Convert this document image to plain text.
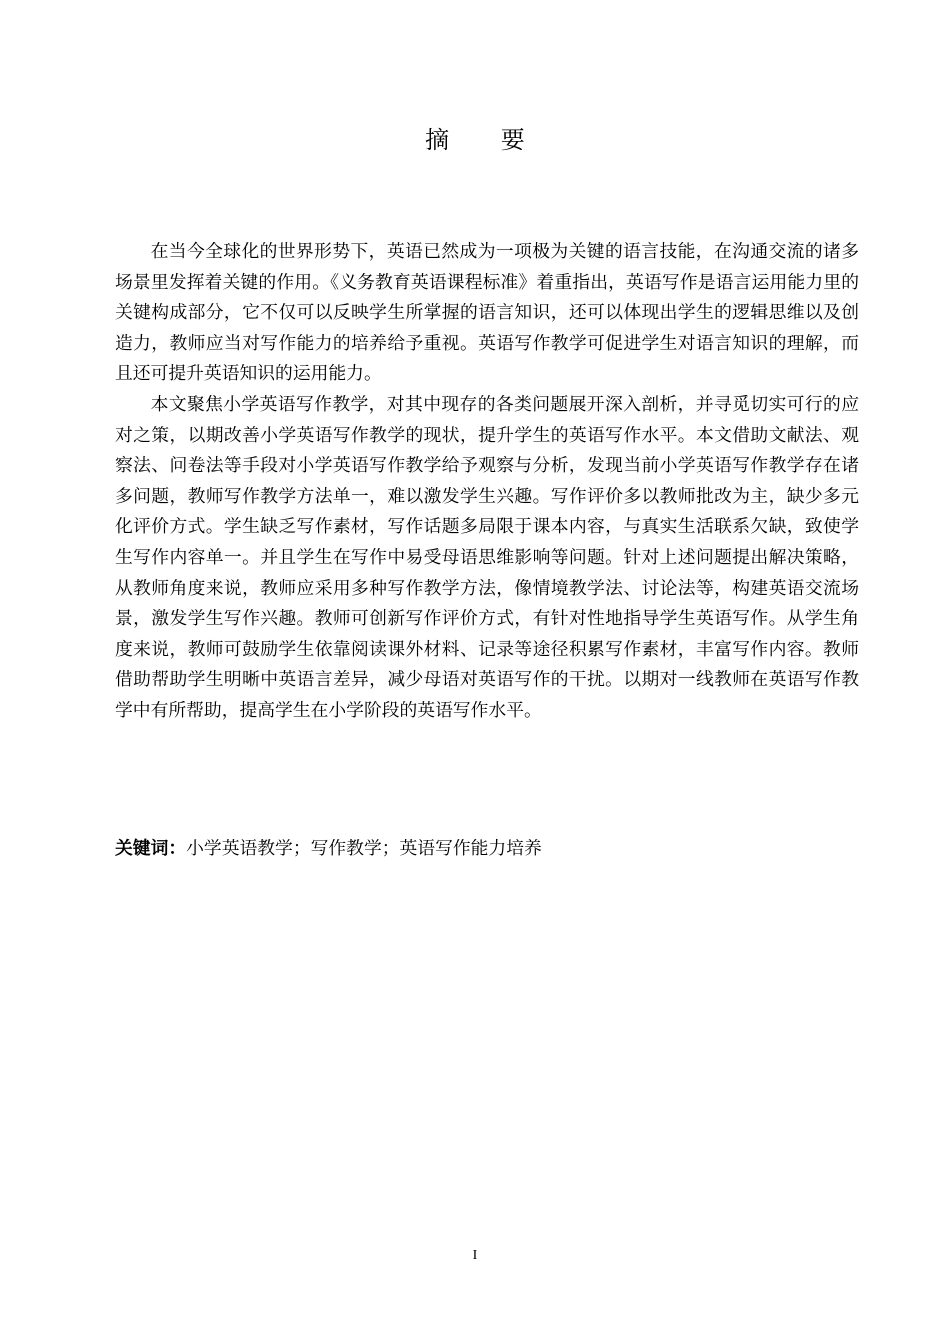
摘 要

在当今全球化的世界形势下，英语已然成为一项极为关键的语言技能，在沟通交流的诸多场景里发挥着关键的作用。《义务教育英语课程标准》着重指出，英语写作是语言运用能力里的关键构成部分，它不仅可以反映学生所掌握的语言知识，还可以体现出学生的逻辑思维以及创造力，教师应当对写作能力的培养给予重视。英语写作教学可促进学生对语言知识的理解，而且还可提升英语知识的运用能力。

本文聚焦小学英语写作教学，对其中现存的各类问题展开深入剖析，并寻觅切实可行的应对之策，以期改善小学英语写作教学的现状，提升学生的英语写作水平。本文借助文献法、观察法、问卷法等手段对小学英语写作教学给予观察与分析，发现当前小学英语写作教学存在诸多问题，教师写作教学方法单一，难以激发学生兴趣。写作评价多以教师批改为主，缺少多元化评价方式。学生缺乏写作素材，写作话题多局限于课本内容，与真实生活联系欠缺，致使学生写作内容单一。并且学生在写作中易受母语思维影响等问题。针对上述问题提出解决策略，从教师角度来说，教师应采用多种写作教学方法，像情境教学法、讨论法等，构建英语交流场景，激发学生写作兴趣。教师可创新写作评价方式，有针对性地指导学生英语写作。从学生角度来说，教师可鼓励学生依靠阅读课外材料、记录等途径积累写作素材，丰富写作内容。教师借助帮助学生明晰中英语言差异，减少母语对英语写作的干扰。以期对一线教师在英语写作教学中有所帮助，提高学生在小学阶段的英语写作水平。

关键词：小学英语教学；写作教学；英语写作能力培养
I
